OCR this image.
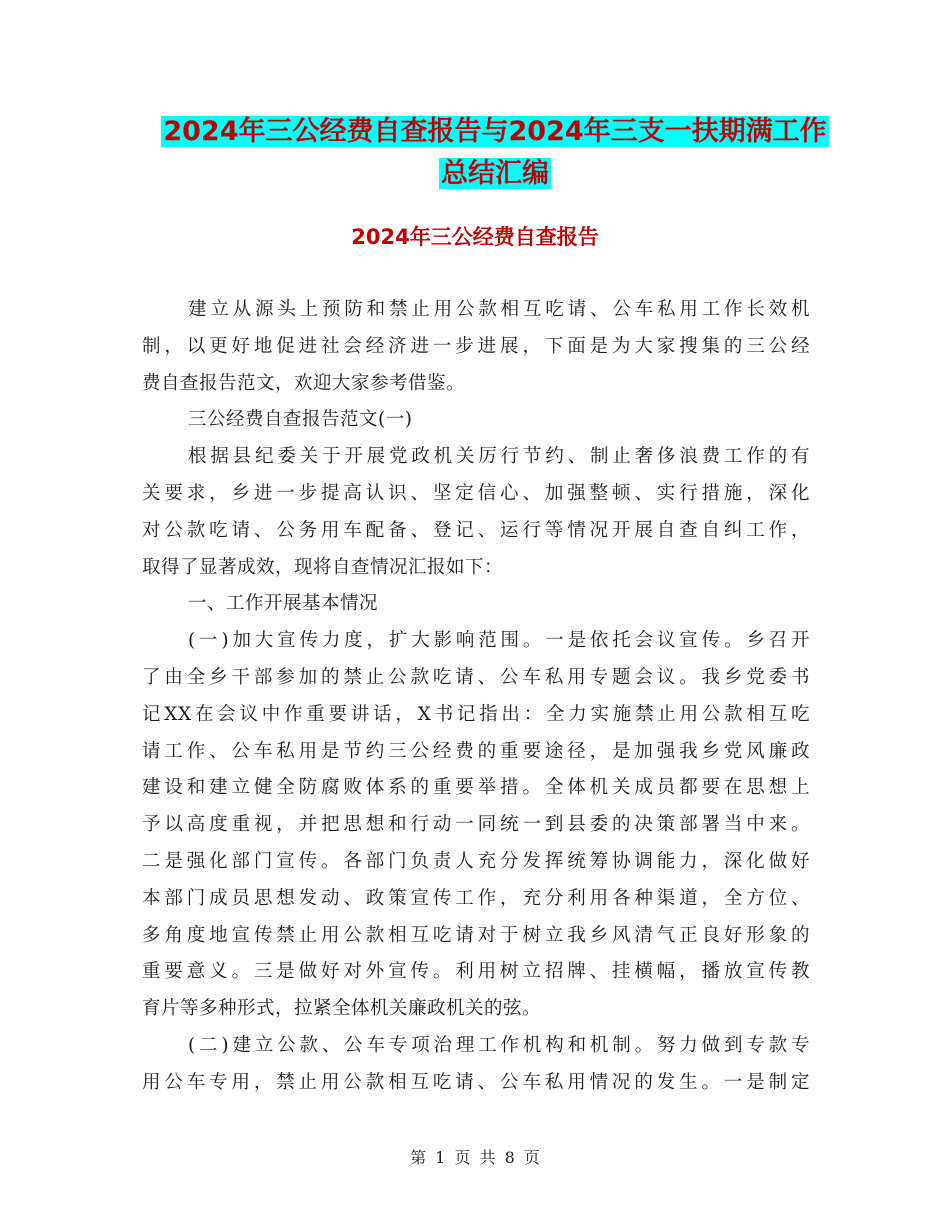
2024年三公经费自查报告与2024年三支一扶期满工作
总结汇编
2024年三公经费自查报告
建立从源头上预防和禁止用公款相互吃请、公车私用工作长效机
制，以更好地促进社会经济进一步进展，下面是为大家搜集的三公经
费自查报告范文，欢迎大家参考借鉴。
三公经费自查报告范文(一)
根据县纪委关于开展党政机关厉行节约、制止奢侈浪费工作的有
关要求，乡进一步提高认识、坚定信心、加强整顿、实行措施，深化
对公款吃请、公务用车配备、登记、运行等情况开展自查自纠工作，
取得了显著成效，现将自查情况汇报如下：
一、工作开展基本情况
(一)加大宣传力度，扩大影响范围。一是依托会议宣传。乡召开
了由全乡干部参加的禁止公款吃请、公车私用专题会议。我乡党委书
记XX在会议中作重要讲话，X书记指出：全力实施禁止用公款相互吃
请工作、公车私用是节约三公经费的重要途径，是加强我乡党风廉政
建设和建立健全防腐败体系的重要举措。全体机关成员都要在思想上
予以高度重视，并把思想和行动一同统一到县委的决策部署当中来。
二是强化部门宣传。各部门负责人充分发挥统筹协调能力，深化做好
本部门成员思想发动、政策宣传工作，充分利用各种渠道，全方位、
多角度地宣传禁止用公款相互吃请对于树立我乡风清气正良好形象的
重要意义。三是做好对外宣传。利用树立招牌、挂横幅，播放宣传教
育片等多种形式，拉紧全体机关廉政机关的弦。
(二)建立公款、公车专项治理工作机构和机制。努力做到专款专
用公车专用，禁止用公款相互吃请、公车私用情况的发生。一是制定
第 1 页 共 8 页
